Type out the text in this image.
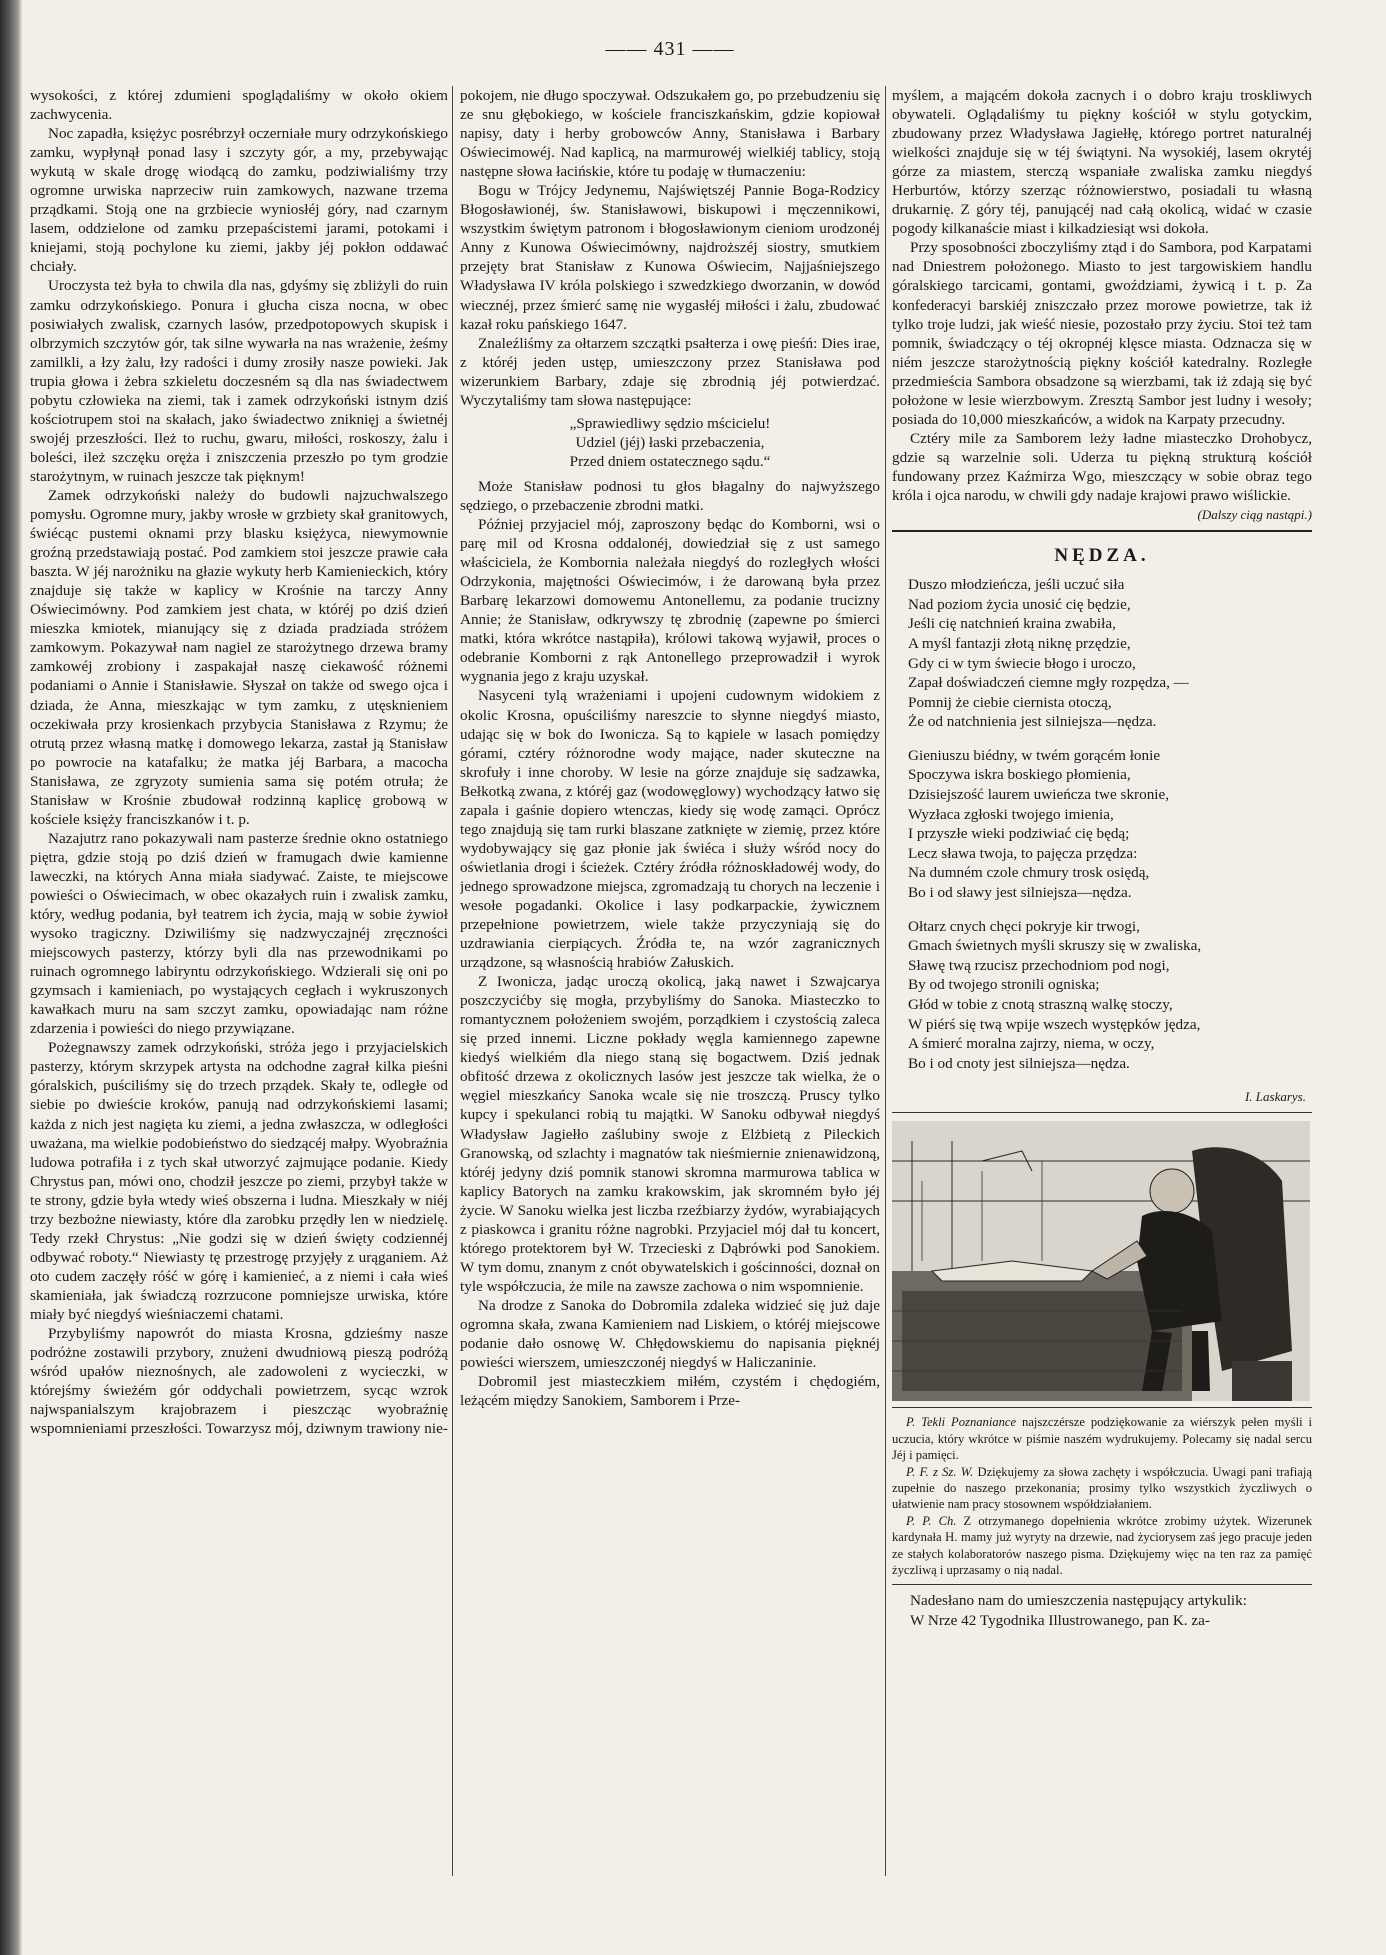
—— 431 ——

wysokości, z której zdumieni spoglądaliśmy w około okiem zachwycenia.

Noc zapadła, księżyc posrébrzył oczerniałe mury odrzykońskiego zamku, wypłynął ponad lasy i szczyty gór, a my, przebywając wykutą w skale drogę wiodącą do zamku, podziwialiśmy trzy ogromne urwiska naprzeciw ruin zamkowych, nazwane trzema prządkami. Stoją one na grzbiecie wyniosłéj góry, nad czarnym lasem, oddzielone od zamku przepaścistemi jarami, potokami i kniejami, stoją pochylone ku ziemi, jakby jéj pokłon oddawać chciały.

Uroczysta też była to chwila dla nas, gdyśmy się zbliżyli do ruin zamku odrzykońskiego. Ponura i głucha cisza nocna, w obec posiwiałych zwalisk, czarnych lasów, przedpotopowych skupisk i olbrzymich szczytów gór, tak silne wywarła na nas wrażenie, żeśmy zamilkli, a łzy żalu, łzy radości i dumy zrosiły nasze powieki. Jak trupia głowa i żebra szkieletu doczesném są dla nas świadectwem pobytu człowieka na ziemi, tak i zamek odrzykoński istnym dziś kościotrupem stoi na skałach, jako świadectwo zniknięj a świetnéj swojéj przeszłości. Ileż to ruchu, gwaru, miłości, roskoszy, żalu i boleści, ileż szczęku oręża i zniszczenia przeszło po tym grodzie starożytnym, w ruinach jeszcze tak pięknym!

Zamek odrzykoński należy do budowli najzuchwalszego pomysłu. Ogromne mury, jakby wrosłe w grzbiety skał granitowych, świécąc pustemi oknami przy blasku księżyca, niewymownie groźną przedstawiają postać. Pod zamkiem stoi jeszcze prawie cała baszta. W jéj narożniku na głazie wykuty herb Kamienieckich, który znajduje się także w kaplicy w Krośnie na tarczy Anny Oświecimówny. Pod zamkiem jest chata, w któréj po dziś dzień mieszka kmiotek, mianujący się z dziada pradziada stróżem zamkowym. Pokazywał nam nagiel ze starożytnego drzewa bramy zamkowéj zrobiony i zaspakajał naszę ciekawość różnemi podaniami o Annie i Stanisławie. Słyszał on także od swego ojca i dziada, że Anna, mieszkając w tym zamku, z utęsknieniem oczekiwała przy krosienkach przybycia Stanisława z Rzymu; że otrutą przez własną matkę i domowego lekarza, zastał ją Stanisław po powrocie na katafalku; że matka jéj Barbara, a macocha Stanisława, ze zgryzoty sumienia sama się potém otruła; że Stanisław w Krośnie zbudował rodzinną kaplicę grobową w kościele księży franciszkanów i t. p.

Nazajutrz rano pokazywali nam pasterze średnie okno ostatniego piętra, gdzie stoją po dziś dzień w framugach dwie kamienne laweczki, na których Anna miała siadywać. Zaiste, te miejscowe powieści o Oświecimach, w obec okazałych ruin i zwalisk zamku, który, według podania, był teatrem ich życia, mają w sobie żywioł wysoko tragiczny. Dziwiliśmy się nadzwyczajnéj zręczności miejscowych pasterzy, którzy byli dla nas przewodnikami po ruinach ogromnego labiryntu odrzykońskiego. Wdzierali się oni po gzymsach i kamieniach, po wystających cegłach i wykruszonych kawałkach muru na sam szczyt zamku, opowiadając nam różne zdarzenia i powieści do niego przywiązane.

Pożegnawszy zamek odrzykoński, stróża jego i przyjacielskich pasterzy, którym skrzypek artysta na odchodne zagrał kilka pieśni góralskich, puściliśmy się do trzech prządek. Skały te, odległe od siebie po dwieście kroków, panują nad odrzykońskiemi lasami; każda z nich jest nagięta ku ziemi, a jedna zwłaszcza, w odległości uważana, ma wielkie podobieństwo do siedzącéj małpy. Wyobraźnia ludowa potrafiła i z tych skał utworzyć zajmujące podanie. Kiedy Chrystus pan, mówi ono, chodził jeszcze po ziemi, przybył także w te strony, gdzie była wtedy wieś obszerna i ludna. Mieszkały w niéj trzy bezbożne niewiasty, które dla zarobku przędły len w niedzielę. Tedy rzekł Chrystus: „Nie godzi się w dzień święty codziennéj odbywać roboty.“ Niewiasty tę przestrogę przyjęły z urąganiem. Aż oto cudem zaczęły róść w górę i kamienieć, a z niemi i cała wieś skamieniała, jak świadczą rozrzucone pomniejsze urwiska, które miały być niegdyś wieśniaczemi chatami.

Przybyliśmy napowrót do miasta Krosna, gdzieśmy nasze podróżne zostawili przybory, znużeni dwudniową pieszą podróżą wśród upałów nieznośnych, ale zadowoleni z wycieczki, w którejśmy świeżém gór oddychali powietrzem, sycąc wzrok najwspanialszym krajobrazem i pieszcząc wyobraźnię wspomnieniami przeszłości. Towarzysz mój, dziwnym trawiony nie-

pokojem, nie długo spoczywał. Odszukałem go, po przebudzeniu się ze snu głębokiego, w kościele franciszkańskim, gdzie kopiował napisy, daty i herby grobowców Anny, Stanisława i Barbary Oświecimowéj. Nad kaplicą, na marmurowéj wielkiéj tablicy, stoją następne słowa łacińskie, które tu podaję w tłumaczeniu:

Bogu w Trójcy Jedynemu, Najświętszéj Pannie Boga-Rodzicy Błogosławionéj, św. Stanisławowi, biskupowi i męczennikowi, wszystkim świętym patronom i błogosławionym cieniom urodzonéj Anny z Kunowa Oświecimówny, najdroższéj siostry, smutkiem przejęty brat Stanisław z Kunowa Oświecim, Najjaśniejszego Władysława IV króla polskiego i szwedzkiego dworzanin, w dowód wiecznéj, przez śmierć samę nie wygasłéj miłości i żalu, zbudować kazał roku pańskiego 1647.

Znaleźliśmy za ołtarzem szczątki psałterza i owę pieśń: Dies irae, z któréj jeden ustęp, umieszczony przez Stanisława pod wizerunkiem Barbary, zdaje się zbrodnią jéj potwierdzać. Wyczytaliśmy tam słowa następujące:

„Sprawiedliwy sędzio mścicielu!
Udziel (jéj) łaski przebaczenia,
Przed dniem ostatecznego sądu.“

Może Stanisław podnosi tu głos błagalny do najwyższego sędziego, o przebaczenie zbrodni matki.

Później przyjaciel mój, zaproszony będąc do Komborni, wsi o parę mil od Krosna oddalonéj, dowiedział się z ust samego właściciela, że Kombornia należała niegdyś do rozległych włości Odrzykonia, majętności Oświecimów, i że darowaną była przez Barbarę lekarzowi domowemu Antonellemu, za podanie trucizny Annie; że Stanisław, odkrywszy tę zbrodnię (zapewne po śmierci matki, która wkrótce nastąpiła), królowi takową wyjawił, proces o odebranie Komborni z rąk Antonellego przeprowadził i wyrok wygnania jego z kraju uzyskał.

Nasyceni tylą wrażeniami i upojeni cudownym widokiem z okolic Krosna, opuściliśmy nareszcie to słynne niegdyś miasto, udając się w bok do Iwonicza. Są to kąpiele w lasach pomiędzy górami, cztéry różnorodne wody mające, nader skuteczne na skrofuły i inne choroby. W lesie na górze znajduje się sadzawka, Bełkotką zwana, z któréj gaz (wodowęglowy) wychodzący łatwo się zapala i gaśnie dopiero wtenczas, kiedy się wodę zamąci. Oprócz tego znajdują się tam rurki blaszane zatknięte w ziemię, przez które wydobywający się gaz płonie jak świéca i służy wśród nocy do oświetlania drogi i ścieżek. Cztéry źródła różnoskładowéj wody, do jednego sprowadzone miejsca, zgromadzają tu chorych na leczenie i wesołe pogadanki. Okolice i lasy podkarpackie, żywicznem przepełnione powietrzem, wiele także przyczyniają się do uzdrawiania cierpiących. Źródła te, na wzór zagranicznych urządzone, są własnością hrabiów Załuskich.

Z Iwonicza, jadąc uroczą okolicą, jaką nawet i Szwajcarya poszczycićby się mogła, przybyliśmy do Sanoka. Miasteczko to romantycznem położeniem swojém, porządkiem i czystością zaleca się przed innemi. Liczne pokłady węgla kamiennego zapewne kiedyś wielkiém dla niego staną się bogactwem. Dziś jednak obfitość drzewa z okolicznych lasów jest jeszcze tak wielka, że o węgiel mieszkańcy Sanoka wcale się nie troszczą. Pruscy tylko kupcy i spekulanci robią tu majątki. W Sanoku odbywał niegdyś Władysław Jagiełło zaślubiny swoje z Elżbietą z Pileckich Granowską, od szlachty i magnatów tak nieśmiernie znienawidzoną, któréj jedyny dziś pomnik stanowi skromna marmurowa tablica w kaplicy Batorych na zamku krakowskim, jak skromném było jéj życie. W Sanoku wielka jest liczba rzeźbiarzy żydów, wyrabiających z piaskowca i granitu różne nagrobki. Przyjaciel mój dał tu koncert, którego protektorem był W. Trzecieski z Dąbrówki pod Sanokiem. W tym domu, znanym z cnót obywatelskich i gościnności, doznał on tyle współczucia, że mile na zawsze zachowa o nim wspomnienie.

Na drodze z Sanoka do Dobromila zdaleka widzieć się już daje ogromna skała, zwana Kamieniem nad Liskiem, o któréj miejscowe podanie dało osnowę W. Chłędowskiemu do napisania pięknéj powieści wierszem, umieszczonéj niegdyś w Haliczaninie.

Dobromil jest miasteczkiem miłém, czystém i chędogiém, leżącém między Sanokiem, Samborem i Prze-

myślem, a mającém dokoła zacnych i o dobro kraju troskliwych obywateli. Oglądaliśmy tu piękny kościół w stylu gotyckim, zbudowany przez Władysława Jagiełłę, którego portret naturalnéj wielkości znajduje się w téj świątyni. Na wysokiéj, lasem okrytéj górze za miastem, sterczą wspaniałe zwaliska zamku niegdyś Herburtów, którzy szerząc różnowierstwo, posiadali tu własną drukarnię. Z góry téj, panującéj nad całą okolicą, widać w czasie pogody kilkanaście miast i kilkadziesiąt wsi dokoła.

Przy sposobności zboczyliśmy ztąd i do Sambora, pod Karpatami nad Dniestrem położonego. Miasto to jest targowiskiem handlu góralskiego tarcicami, gontami, gwoździami, żywicą i t. p. Za konfederacyi barskiéj zniszczało przez morowe powietrze, tak iż tylko troje ludzi, jak wieść niesie, pozostało przy życiu. Stoi też tam pomnik, świadczący o téj okropnéj klęsce miasta. Odznacza się w niém jeszcze starożytnością piękny kościół katedralny. Rozległe przedmieścia Sambora obsadzone są wierzbami, tak iż zdają się być położone w lesie wierzbowym. Zresztą Sambor jest ludny i wesoły; posiada do 10,000 mieszkańców, a widok na Karpaty przecudny.

Cztéry mile za Samborem leży ładne miasteczko Drohobycz, gdzie są warzelnie soli. Uderza tu piękną strukturą kościół fundowany przez Kaźmirza Wgo, mieszczący w sobie obraz tego króla i ojca narodu, w chwili gdy nadaje krajowi prawo wiślickie.

(Dalszy ciąg nastąpi.)
NĘDZA.
Duszo młodzieńcza, jeśli uczuć siła
Nad poziom życia unosić cię będzie,
Jeśli cię natchnień kraina zwabiła,
A myśl fantazji złotą niknę przędzie,
Gdy ci w tym świecie błogo i uroczo,
Zapał doświadczeń ciemne mgły rozpędza, —
Pomnij że ciebie ciernista otoczą,
Że od natchnienia jest silniejsza—nędza.
Gieniuszu biédny, w twém gorącém łonie
Spoczywa iskra boskiego płomienia,
Dzisiejszość laurem uwieńcza twe skronie,
Wyzłaca zgłoski twojego imienia,
I przyszłe wieki podziwiać cię będą;
Lecz sława twoja, to pajęcza przędza:
Na dumném czole chmury trosk osiędą,
Bo i od sławy jest silniejsza—nędza.
Ołtarz cnych chęci pokryje kir trwogi,
Gmach świetnych myśli skruszy się w zwaliska,
Sławę twą rzucisz przechodniom pod nogi,
By od twojego stronili ogniska;
Głód w tobie z cnotą straszną walkę stoczy,
W piérś się twą wpije wszech występków jędza,
A śmierć moralna zajrzy, niema, w oczy,
Bo i od cnoty jest silniejsza—nędza.
I. Laskarys.

P. Tekli Poznaniance najszczérsze podziękowanie za wiérszyk pełen myśli i uczucia, który wkrótce w piśmie naszém wydrukujemy. Polecamy się nadal sercu Jéj i pamięci.

P. F. z Sz. W. Dziękujemy za słowa zachęty i współczucia. Uwagi pani trafiają zupełnie do naszego przekonania; prosimy tylko wszystkich życzliwych o ułatwienie nam pracy stosownem współdziałaniem.

P. P. Ch. Z otrzymanego dopełnienia wkrótce zrobimy użytek. Wizerunek kardynała H. mamy już wyryty na drzewie, nad życiorysem zaś jego pracuje jeden ze stałych kolaboratorów naszego pisma. Dziękujemy więc na ten raz za pamięć życzliwą i uprzasamy o nią nadal.

Nadesłano nam do umieszczenia następujący artykulik:

W Nrze 42 Tygodnika Illustrowanego, pan K. za-
